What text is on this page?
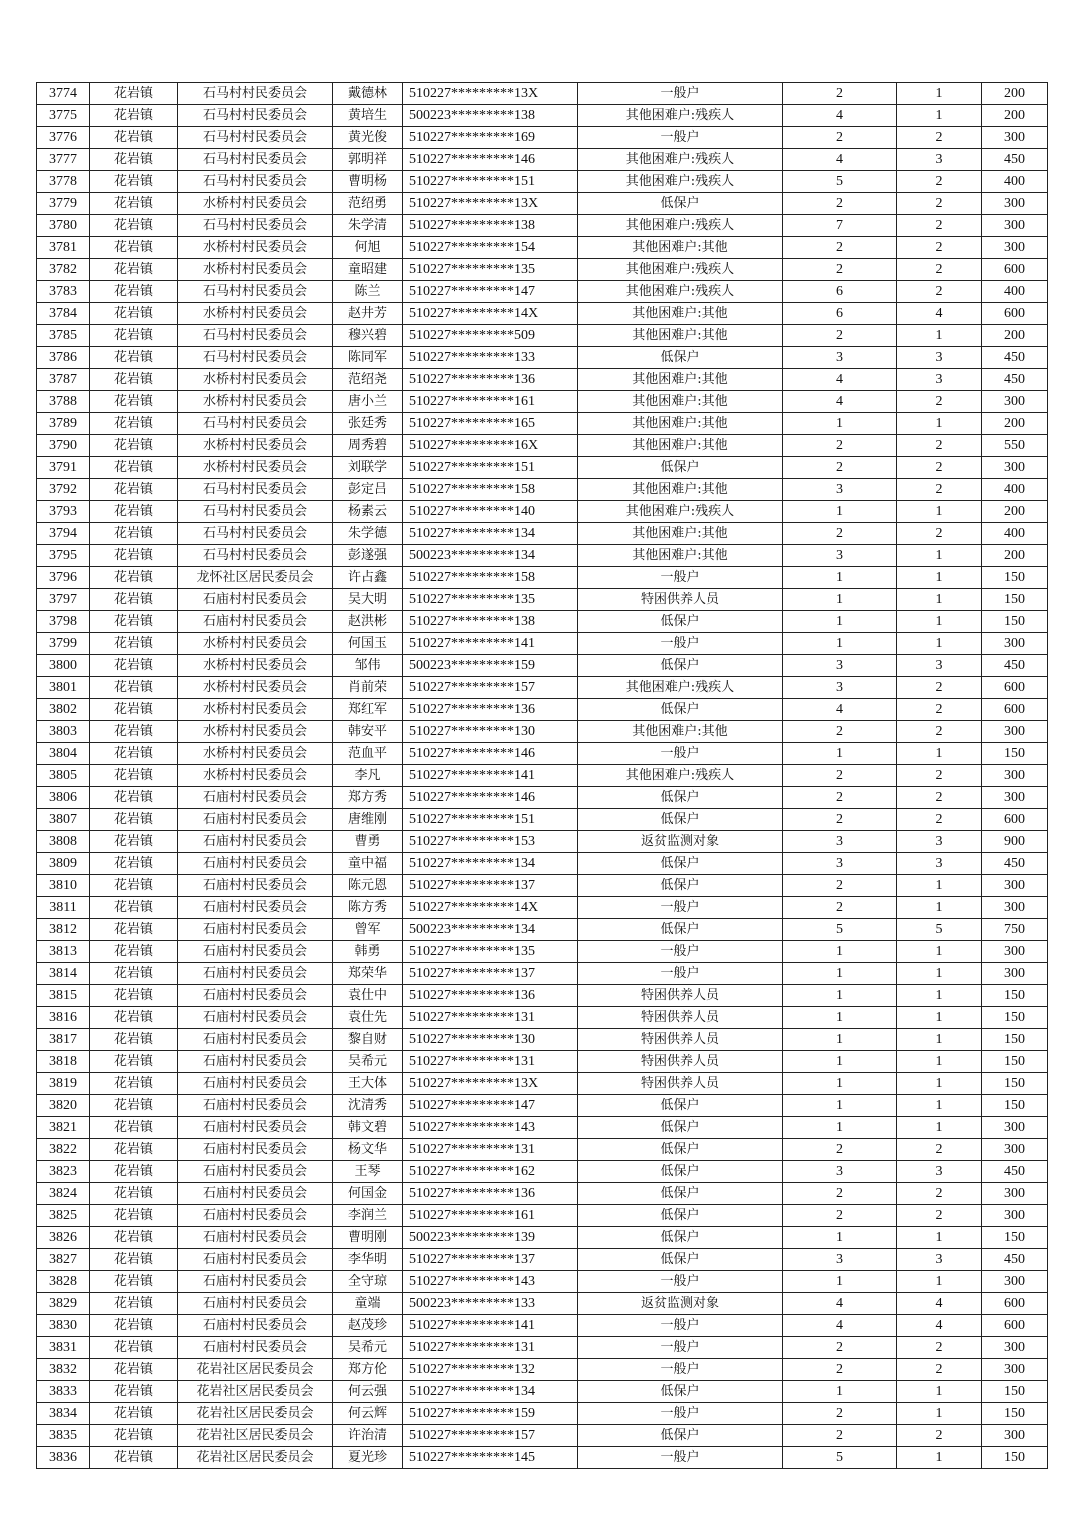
3774	花岩镇	石马村村民委员会	戴德林	510227*********13X	一般户	2	1	200
3775	花岩镇	石马村村民委员会	黄培生	500223*********138	其他困难户:残疾人	4	1	200
3776	花岩镇	石马村村民委员会	黄光俊	510227*********169	一般户	2	2	300
3777	花岩镇	石马村村民委员会	郭明祥	510227*********146	其他困难户:残疾人	4	3	450
3778	花岩镇	石马村村民委员会	曹明杨	510227*********151	其他困难户:残疾人	5	2	400
3779	花岩镇	水桥村村民委员会	范绍勇	510227*********13X	低保户	2	2	300
3780	花岩镇	石马村村民委员会	朱学清	510227*********138	其他困难户:残疾人	7	2	300
3781	花岩镇	水桥村村民委员会	何旭	510227*********154	其他困难户:其他	2	2	300
3782	花岩镇	水桥村村民委员会	童昭建	510227*********135	其他困难户:残疾人	2	2	600
3783	花岩镇	石马村村民委员会	陈兰	510227*********147	其他困难户:残疾人	6	2	400
3784	花岩镇	水桥村村民委员会	赵井芳	510227*********14X	其他困难户:其他	6	4	600
3785	花岩镇	石马村村民委员会	穆兴碧	510227*********509	其他困难户:其他	2	1	200
3786	花岩镇	石马村村民委员会	陈同军	510227*********133	低保户	3	3	450
3787	花岩镇	水桥村村民委员会	范绍尧	510227*********136	其他困难户:其他	4	3	450
3788	花岩镇	水桥村村民委员会	唐小兰	510227*********161	其他困难户:其他	4	2	300
3789	花岩镇	石马村村民委员会	张廷秀	510227*********165	其他困难户:其他	1	1	200
3790	花岩镇	水桥村村民委员会	周秀碧	510227*********16X	其他困难户:其他	2	2	550
3791	花岩镇	水桥村村民委员会	刘联学	510227*********151	低保户	2	2	300
3792	花岩镇	石马村村民委员会	彭定吕	510227*********158	其他困难户:其他	3	2	400
3793	花岩镇	石马村村民委员会	杨素云	510227*********140	其他困难户:残疾人	1	1	200
3794	花岩镇	石马村村民委员会	朱学德	510227*********134	其他困难户:其他	2	2	400
3795	花岩镇	石马村村民委员会	彭遂强	500223*********134	其他困难户:其他	3	1	200
3796	花岩镇	龙怀社区居民委员会	许占鑫	510227*********158	一般户	1	1	150
3797	花岩镇	石庙村村民委员会	吴大明	510227*********135	特困供养人员	1	1	150
3798	花岩镇	石庙村村民委员会	赵洪彬	510227*********138	低保户	1	1	150
3799	花岩镇	水桥村村民委员会	何国玉	510227*********141	一般户	1	1	300
3800	花岩镇	水桥村村民委员会	邹伟	500223*********159	低保户	3	3	450
3801	花岩镇	水桥村村民委员会	肖前荣	510227*********157	其他困难户:残疾人	3	2	600
3802	花岩镇	水桥村村民委员会	郑红军	510227*********136	低保户	4	2	600
3803	花岩镇	水桥村村民委员会	韩安平	510227*********130	其他困难户:其他	2	2	300
3804	花岩镇	水桥村村民委员会	范血平	510227*********146	一般户	1	1	150
3805	花岩镇	水桥村村民委员会	李凡	510227*********141	其他困难户:残疾人	2	2	300
3806	花岩镇	石庙村村民委员会	郑方秀	510227*********146	低保户	2	2	300
3807	花岩镇	石庙村村民委员会	唐维刚	510227*********151	低保户	2	2	600
3808	花岩镇	石庙村村民委员会	曹勇	510227*********153	返贫监测对象	3	3	900
3809	花岩镇	石庙村村民委员会	童中福	510227*********134	低保户	3	3	450
3810	花岩镇	石庙村村民委员会	陈元恩	510227*********137	低保户	2	1	300
3811	花岩镇	石庙村村民委员会	陈方秀	510227*********14X	一般户	2	1	300
3812	花岩镇	石庙村村民委员会	曾军	500223*********134	低保户	5	5	750
3813	花岩镇	石庙村村民委员会	韩勇	510227*********135	一般户	1	1	300
3814	花岩镇	石庙村村民委员会	郑荣华	510227*********137	一般户	1	1	300
3815	花岩镇	石庙村村民委员会	袁仕中	510227*********136	特困供养人员	1	1	150
3816	花岩镇	石庙村村民委员会	袁仕先	510227*********131	特困供养人员	1	1	150
3817	花岩镇	石庙村村民委员会	黎自财	510227*********130	特困供养人员	1	1	150
3818	花岩镇	石庙村村民委员会	吴希元	510227*********131	特困供养人员	1	1	150
3819	花岩镇	石庙村村民委员会	王大体	510227*********13X	特困供养人员	1	1	150
3820	花岩镇	石庙村村民委员会	沈清秀	510227*********147	低保户	1	1	150
3821	花岩镇	石庙村村民委员会	韩文碧	510227*********143	低保户	1	1	300
3822	花岩镇	石庙村村民委员会	杨文华	510227*********131	低保户	2	2	300
3823	花岩镇	石庙村村民委员会	王琴	510227*********162	低保户	3	3	450
3824	花岩镇	石庙村村民委员会	何国金	510227*********136	低保户	2	2	300
3825	花岩镇	石庙村村民委员会	李润兰	510227*********161	低保户	2	2	300
3826	花岩镇	石庙村村民委员会	曹明刚	500223*********139	低保户	1	1	150
3827	花岩镇	石庙村村民委员会	李华明	510227*********137	低保户	3	3	450
3828	花岩镇	石庙村村民委员会	全守琼	510227*********143	一般户	1	1	300
3829	花岩镇	石庙村村民委员会	童端	500223*********133	返贫监测对象	4	4	600
3830	花岩镇	石庙村村民委员会	赵茂珍	510227*********141	一般户	4	4	600
3831	花岩镇	石庙村村民委员会	吴希元	510227*********131	一般户	2	2	300
3832	花岩镇	花岩社区居民委员会	郑方伦	510227*********132	一般户	2	2	300
3833	花岩镇	花岩社区居民委员会	何云强	510227*********134	低保户	1	1	150
3834	花岩镇	花岩社区居民委员会	何云辉	510227*********159	一般户	2	1	150
3835	花岩镇	花岩社区居民委员会	许治清	510227*********157	低保户	2	2	300
3836	花岩镇	花岩社区居民委员会	夏光珍	510227*********145	一般户	5	1	150
